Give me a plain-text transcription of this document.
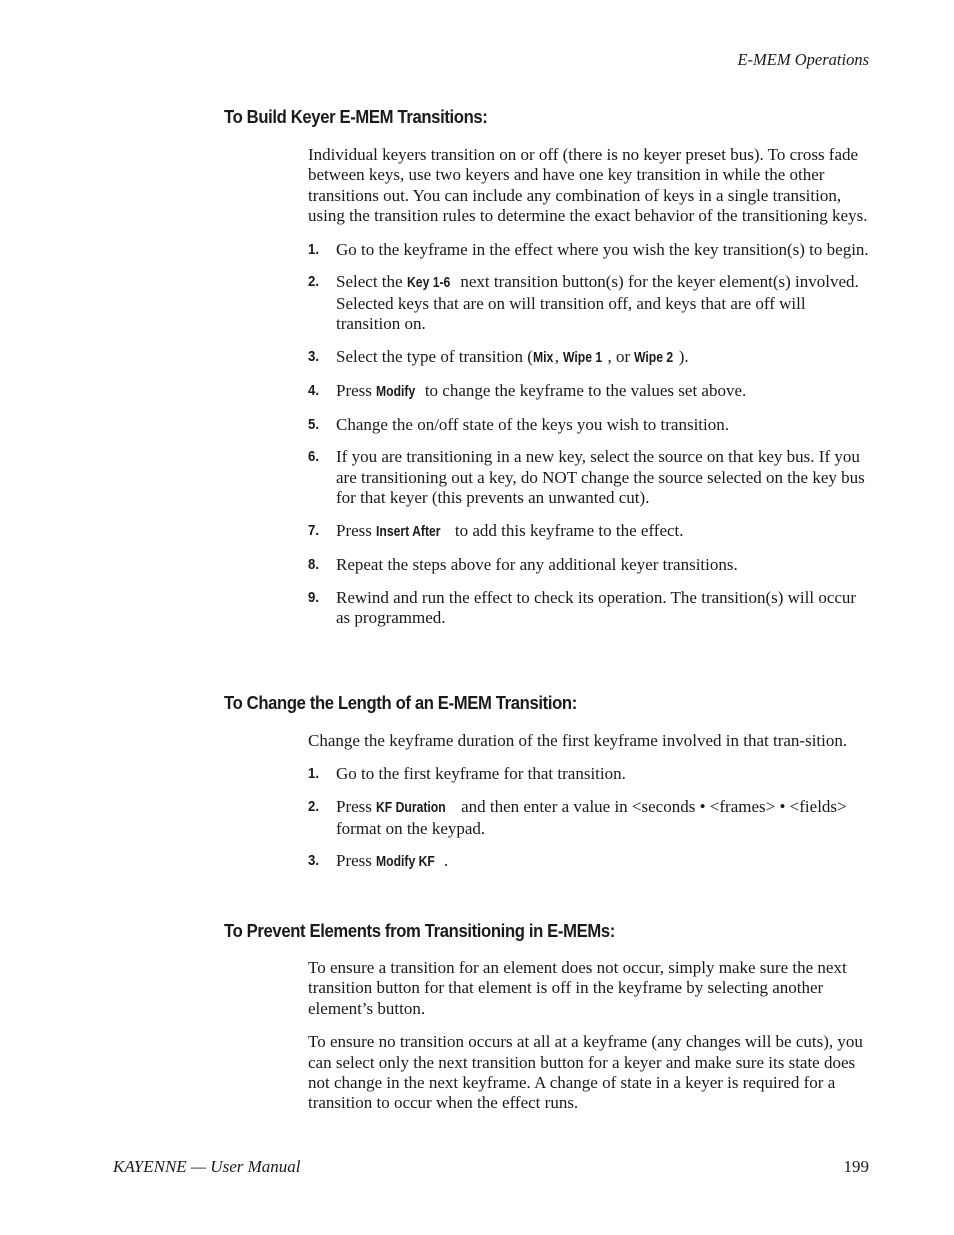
E-MEM Operations
To Build Keyer E-MEM Transitions:

Individual keyers transition on or off (there is no keyer preset bus). To cross fade between keys, use two keyers and have one key transition in while the other transitions out. You can include any combination of keys in a single transition, using the transition rules to determine the exact behavior of the transitioning keys.

1. Go to the keyframe in the effect where you wish the key transition(s) to begin.
2. Select the Key 1-6 next transition button(s) for the keyer element(s) involved. Selected keys that are on will transition off, and keys that are off will transition on.
3. Select the type of transition (Mix, Wipe 1 , or Wipe 2 ).
4. Press Modify to change the keyframe to the values set above.
5. Change the on/off state of the keys you wish to transition.
6. If you are transitioning in a new key, select the source on that key bus. If you are transitioning out a key, do NOT change the source selected on the key bus for that keyer (this prevents an unwanted cut).
7. Press Insert After to add this keyframe to the effect.
8. Repeat the steps above for any additional keyer transitions.
9. Rewind and run the effect to check its operation. The transition(s) will occur as programmed.
To Change the Length of an E-MEM Transition:

Change the keyframe duration of the first keyframe involved in that tran-sition.

1. Go to the first keyframe for that transition.
2. Press KF Duration and then enter a value in <seconds • <frames> • <fields> format on the keypad.
3. Press Modify KF .
To Prevent Elements from Transitioning in E-MEMs:

To ensure a transition for an element does not occur, simply make sure the next transition button for that element is off in the keyframe by selecting another element’s button.

To ensure no transition occurs at all at a keyframe (any changes will be cuts), you can select only the next transition button for a keyer and make sure its state does not change in the next keyframe. A change of state in a keyer is required for a transition to occur when the effect runs.

KAYENNE — User Manual	199
